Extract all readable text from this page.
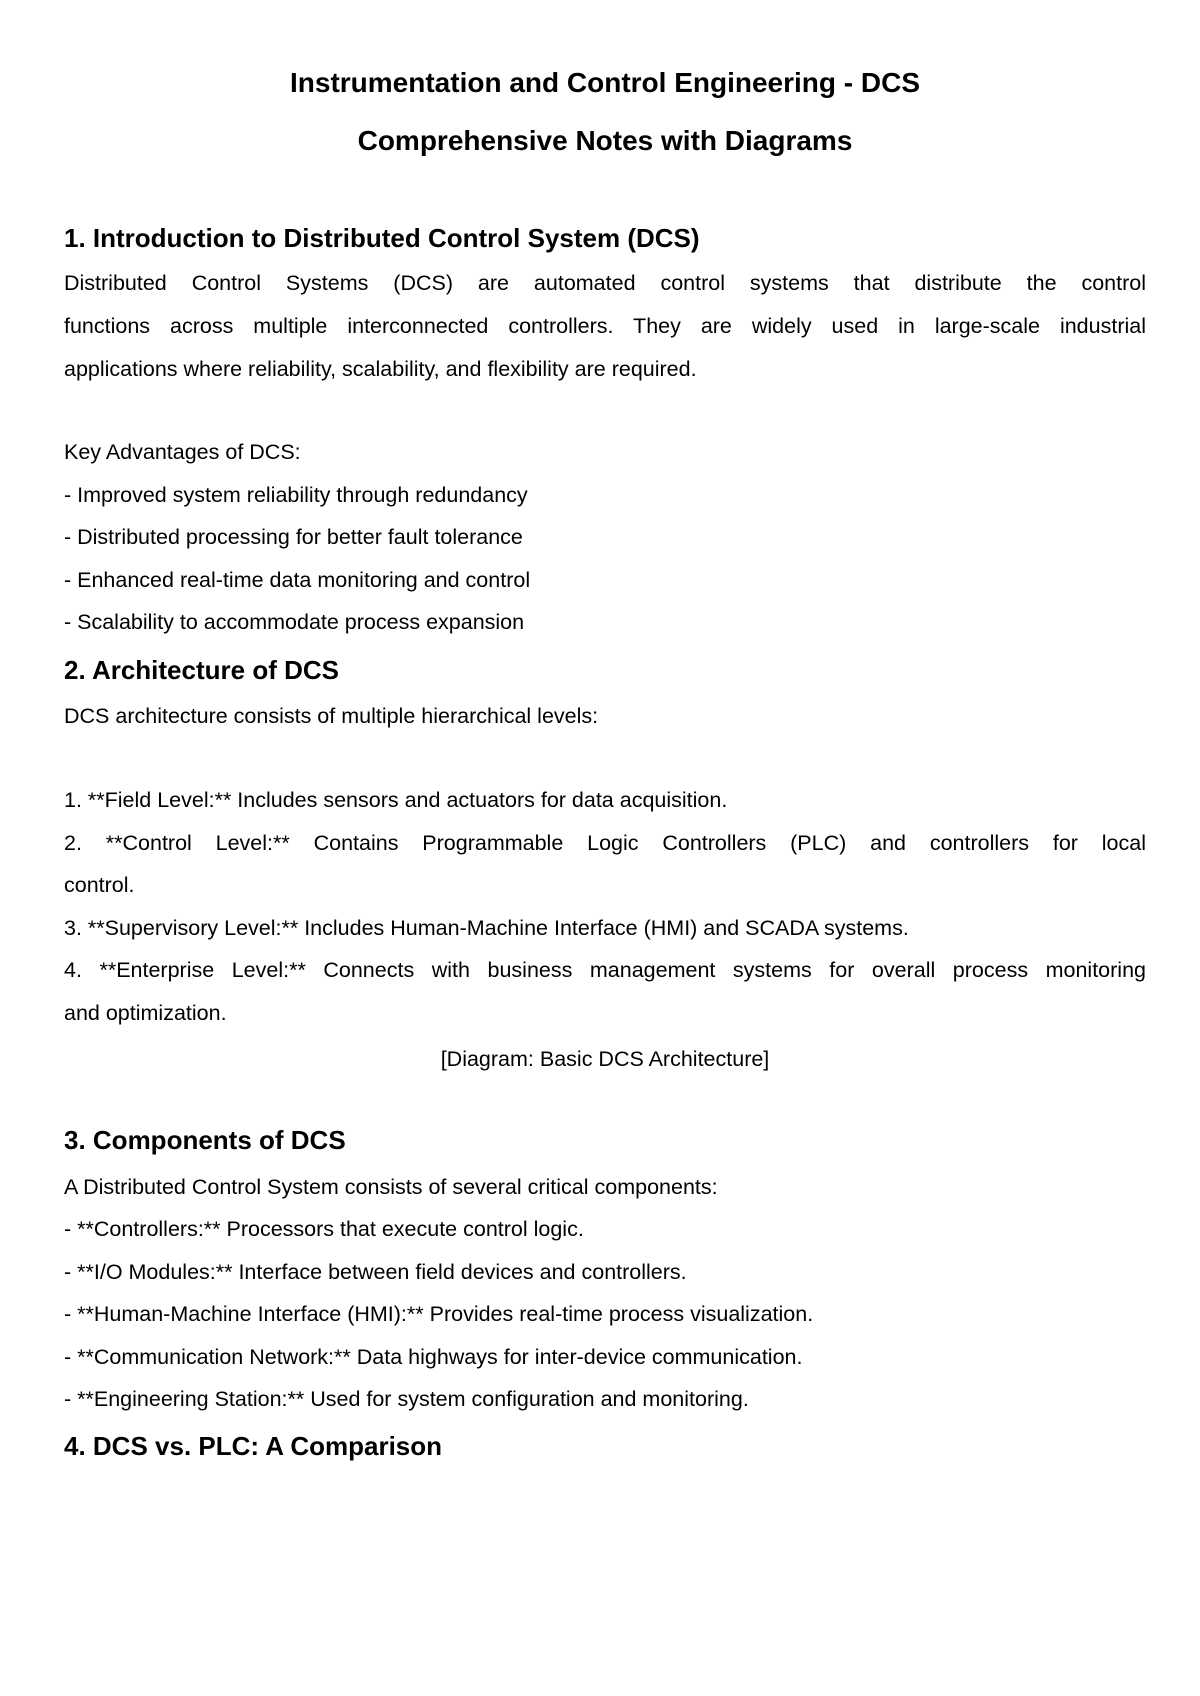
Instrumentation and Control Engineering - DCS
Comprehensive Notes with Diagrams
1. Introduction to Distributed Control System (DCS)

Distributed Control Systems (DCS) are automated control systems that distribute the control

functions across multiple interconnected controllers. They are widely used in large-scale industrial

applications where reliability, scalability, and flexibility are required.

Key Advantages of DCS:

- Improved system reliability through redundancy

- Distributed processing for better fault tolerance

- Enhanced real-time data monitoring and control

- Scalability to accommodate process expansion

2. Architecture of DCS

DCS architecture consists of multiple hierarchical levels:

1. **Field Level:** Includes sensors and actuators for data acquisition.

2. **Control Level:** Contains Programmable Logic Controllers (PLC) and controllers for local

control.

3. **Supervisory Level:** Includes Human-Machine Interface (HMI) and SCADA systems.

4. **Enterprise Level:** Connects with business management systems for overall process monitoring

and optimization.

[Diagram: Basic DCS Architecture]

3. Components of DCS

A Distributed Control System consists of several critical components:

- **Controllers:** Processors that execute control logic.

- **I/O Modules:** Interface between field devices and controllers.

- **Human-Machine Interface (HMI):** Provides real-time process visualization.

- **Communication Network:** Data highways for inter-device communication.

- **Engineering Station:** Used for system configuration and monitoring.

4. DCS vs. PLC: A Comparison
